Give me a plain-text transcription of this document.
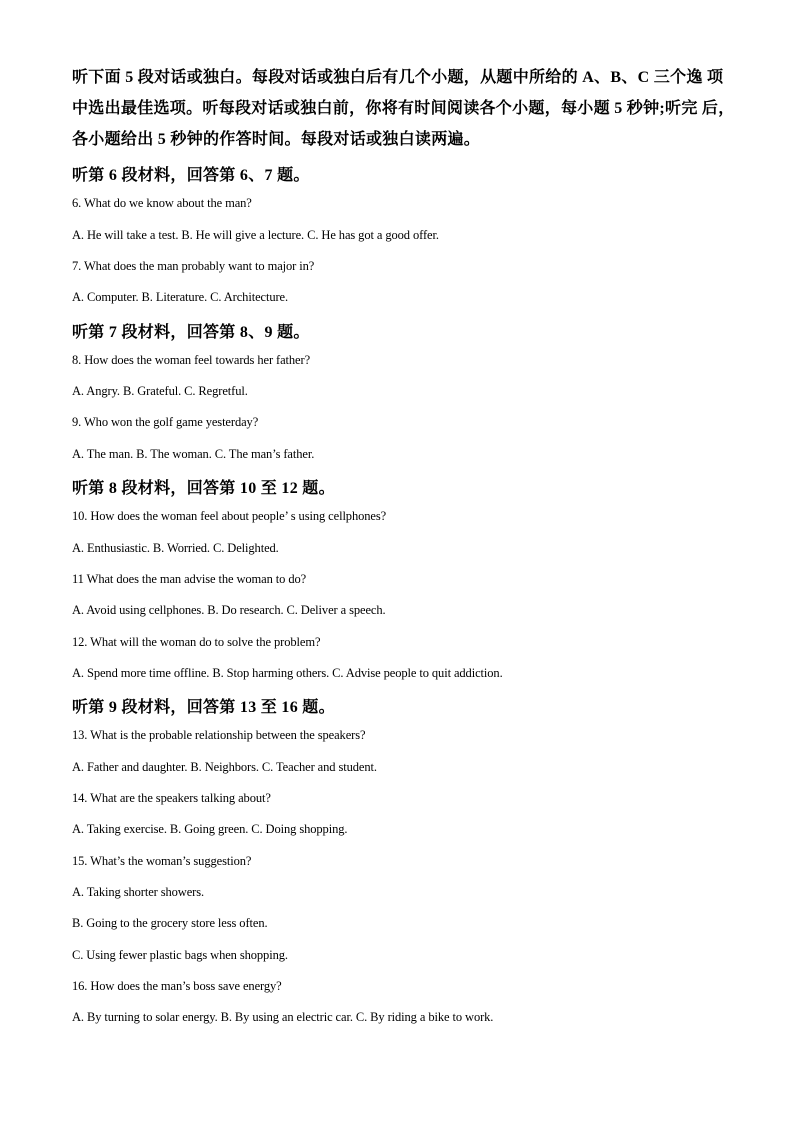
听下面 5 段对话或独白。每段对话或独白后有几个小题，从题中所给的 A、B、C 三个逸 项
中选出最佳选项。听每段对话或独白前，你将有时间阅读各个小题，每小题 5 秒钟;听完 后，
各小题给出 5 秒钟的作答时间。每段对话或独白读两遍。
听第 6 段材料，回答第 6、7 题。
6. What do we know about the man?
A. He will take a test. B. He will give a lecture. C. He has got a good offer.
7. What does the man probably want to major in?
A. Computer. B. Literature. C. Architecture.
听第 7 段材料，回答第 8、9 题。
8. How does the woman feel towards her father?
A. Angry. B. Grateful. C. Regretful.
9. Who won the golf game yesterday?
A. The man. B. The woman. C. The man’s father.
听第 8 段材料，回答第 10 至 12 题。
10. How does the woman feel about people’ s using cellphones?
A. Enthusiastic. B. Worried. C. Delighted.
11 What does the man advise the woman to do?
A. Avoid using cellphones. B. Do research. C. Deliver a speech.
12. What will the woman do to solve the problem?
A. Spend more time offline. B. Stop harming others. C. Advise people to quit addiction.
听第 9 段材料，回答第 13 至 16 题。
13. What is the probable relationship between the speakers?
A. Father and daughter. B. Neighbors. C. Teacher and student.
14. What are the speakers talking about?
A. Taking exercise. B. Going green. C. Doing shopping.
15. What’s the woman’s suggestion?
A. Taking shorter showers.
B. Going to the grocery store less often.
C. Using fewer plastic bags when shopping.
16. How does the man’s boss save energy?
A. By turning to solar energy. B. By using an electric car. C. By riding a bike to work.
